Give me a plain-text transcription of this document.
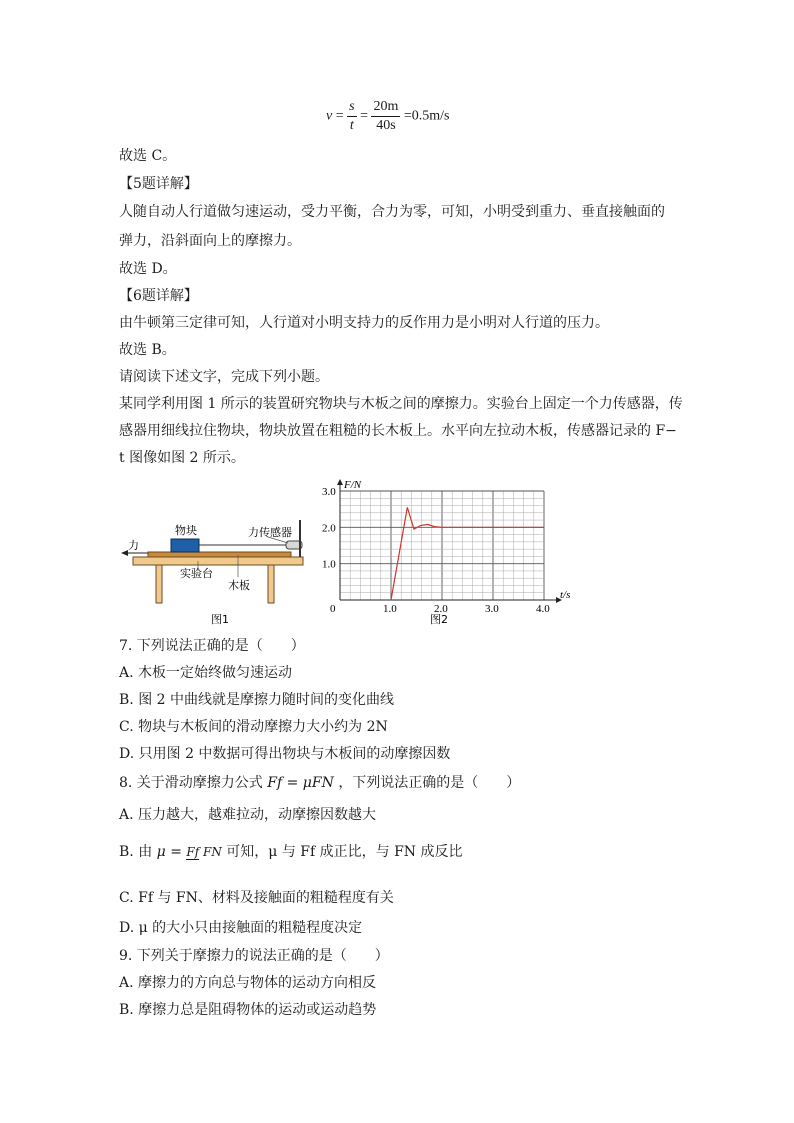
$v = \frac{s}{t} = \frac{20m}{40s} =0.5m/s$
故选 C。
【5题详解】
人随自动人行道做匀速运动，受力平衡，合力为零，可知，小明受到重力、垂直接触面的
弹力，沿斜面向上的摩擦力。
故选 D。
【6题详解】
由牛顿第三定律可知，人行道对小明支持力的反作用力是小明对人行道的压力。
故选 B。
请阅读下述文字，完成下列小题。
某同学利用图 1 所示的装置研究物块与木板之间的摩擦力。实验台上固定一个力传感器，传
感器用细线拉住物块，物块放置在粗糙的长木板上。水平向左拉动木板，传感器记录的 F−
t 图像如图 2 所示。
物块	力传感器
力
实验台
木板
图1
1.0	2.0	3.0	4.0
1.0
2.0
3.0
F/N
t/s
0
图2
7. 下列说法正确的是（　　）
A. 木板一定始终做匀速运动
B. 图 2 中曲线就是摩擦力随时间的变化曲线
C. 物块与木板间的滑动摩擦力大小约为 2N
D. 只用图 2 中数据可得出物块与木板间的动摩擦因数
8. 关于滑动摩擦力公式 Ff = μFN ，下列说法正确的是（　　）
A. 压力越大，越难拉动，动摩擦因数越大
B. 由 μ = Ff FN 可知，μ 与 Ff 成正比，与 FN 成反比
C. Ff 与 FN、材料及接触面的粗糙程度有关
D. μ 的大小只由接触面的粗糙程度决定
9. 下列关于摩擦力的说法正确的是（　　）
A. 摩擦力的方向总与物体的运动方向相反
B. 摩擦力总是阻碍物体的运动或运动趋势
